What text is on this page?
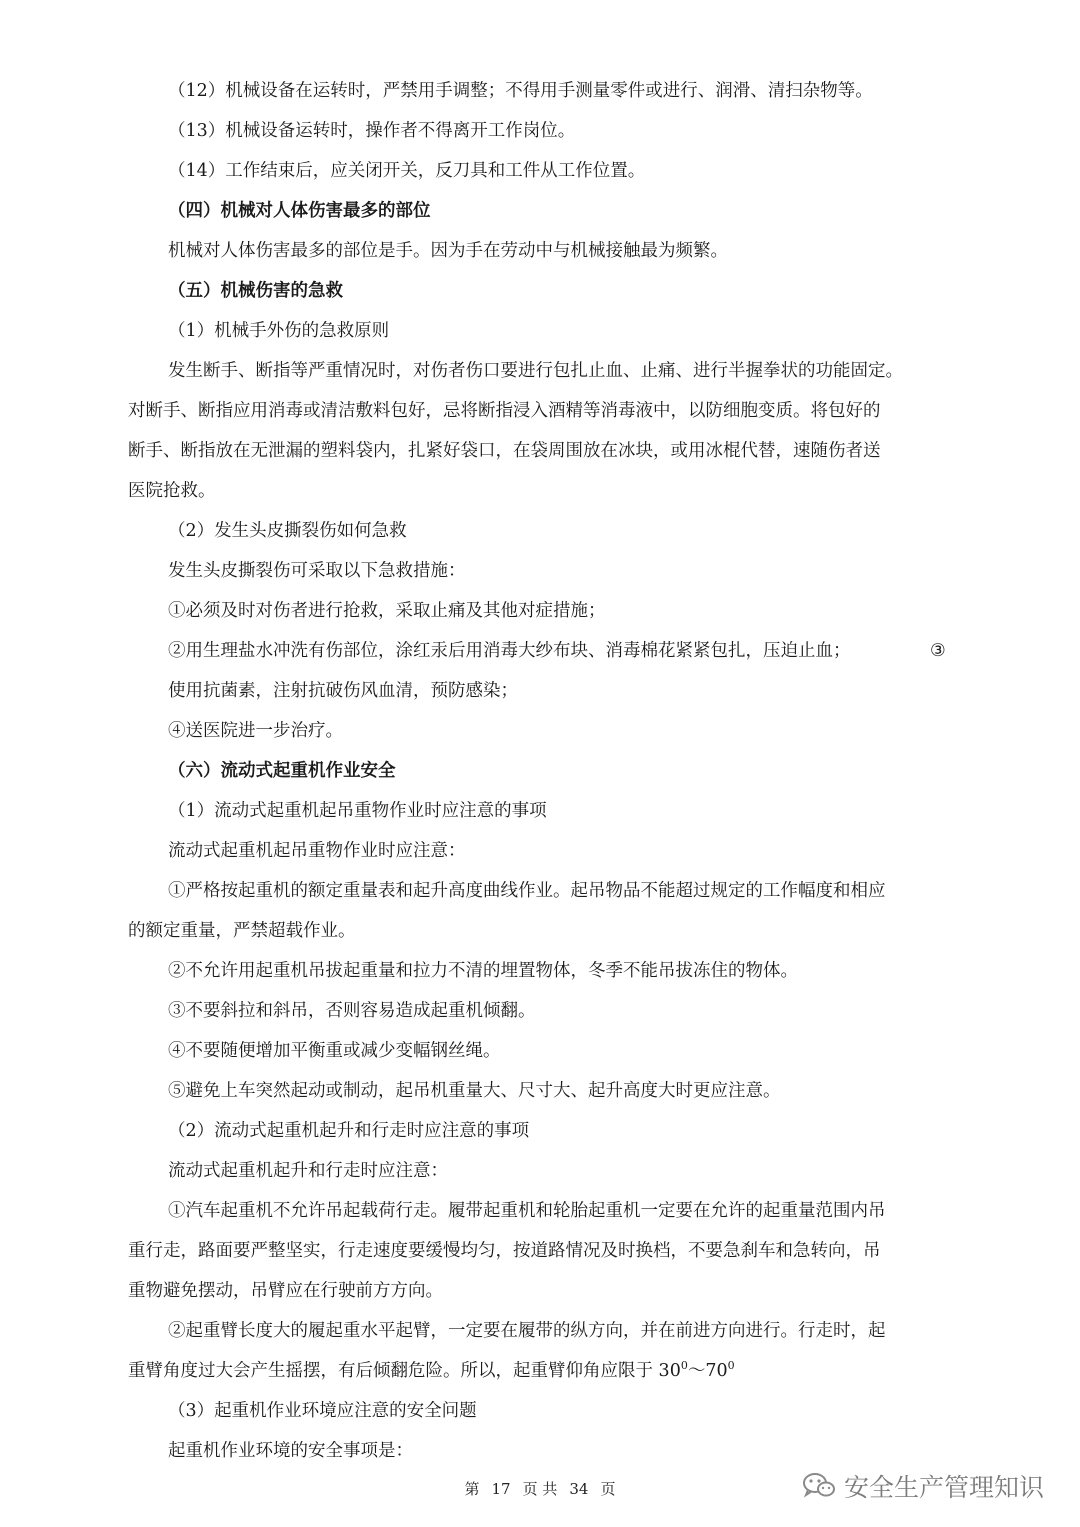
（12）机械设备在运转时，严禁用手调整；不得用手测量零件或进行、润滑、清扫杂物等。
（13）机械设备运转时，操作者不得离开工作岗位。
（14）工作结束后，应关闭开关，反刀具和工件从工作位置。
（四）机械对人体伤害最多的部位
机械对人体伤害最多的部位是手。因为手在劳动中与机械接触最为频繁。
（五）机械伤害的急救
（1）机械手外伤的急救原则
发生断手、断指等严重情况时，对伤者伤口要进行包扎止血、止痛、进行半握拳状的功能固定。
对断手、断指应用消毒或清洁敷料包好，忌将断指浸入酒精等消毒液中，以防细胞变质。将包好的
断手、断指放在无泄漏的塑料袋内，扎紧好袋口，在袋周围放在冰块，或用冰棍代替，速随伤者送
医院抢救。
（2）发生头皮撕裂伤如何急救
发生头皮撕裂伤可采取以下急救措施：
①必须及时对伤者进行抢救，采取止痛及其他对症措施；
②用生理盐水冲洗有伤部位，涂红汞后用消毒大纱布块、消毒棉花紧紧包扎，压迫止血；	③
使用抗菌素，注射抗破伤风血清，预防感染；
④送医院进一步治疗。
（六）流动式起重机作业安全
（1）流动式起重机起吊重物作业时应注意的事项
流动式起重机起吊重物作业时应注意：
①严格按起重机的额定重量表和起升高度曲线作业。起吊物品不能超过规定的工作幅度和相应
的额定重量，严禁超载作业。
②不允许用起重机吊拔起重量和拉力不清的埋置物体，冬季不能吊拔冻住的物体。
③不要斜拉和斜吊，否则容易造成起重机倾翻。
④不要随便增加平衡重或减少变幅钢丝绳。
⑤避免上车突然起动或制动，起吊机重量大、尺寸大、起升高度大时更应注意。
（2）流动式起重机起升和行走时应注意的事项
流动式起重机起升和行走时应注意：
①汽车起重机不允许吊起载荷行走。履带起重机和轮胎起重机一定要在允许的起重量范围内吊
重行走，路面要严整坚实，行走速度要缓慢均匀，按道路情况及时换档，不要急刹车和急转向，吊
重物避免摆动，吊臂应在行驶前方方向。
②起重臂长度大的履起重水平起臂，一定要在履带的纵方向，并在前进方向进行。行走时，起
重臂角度过大会产生摇摆，有后倾翻危险。所以，起重臂仰角应限于 $30^0\sim 70^0$
（3）起重机作业环境应注意的安全问题
起重机作业环境的安全事项是：
第 17 页 共 34 页	安全生产管理知识
